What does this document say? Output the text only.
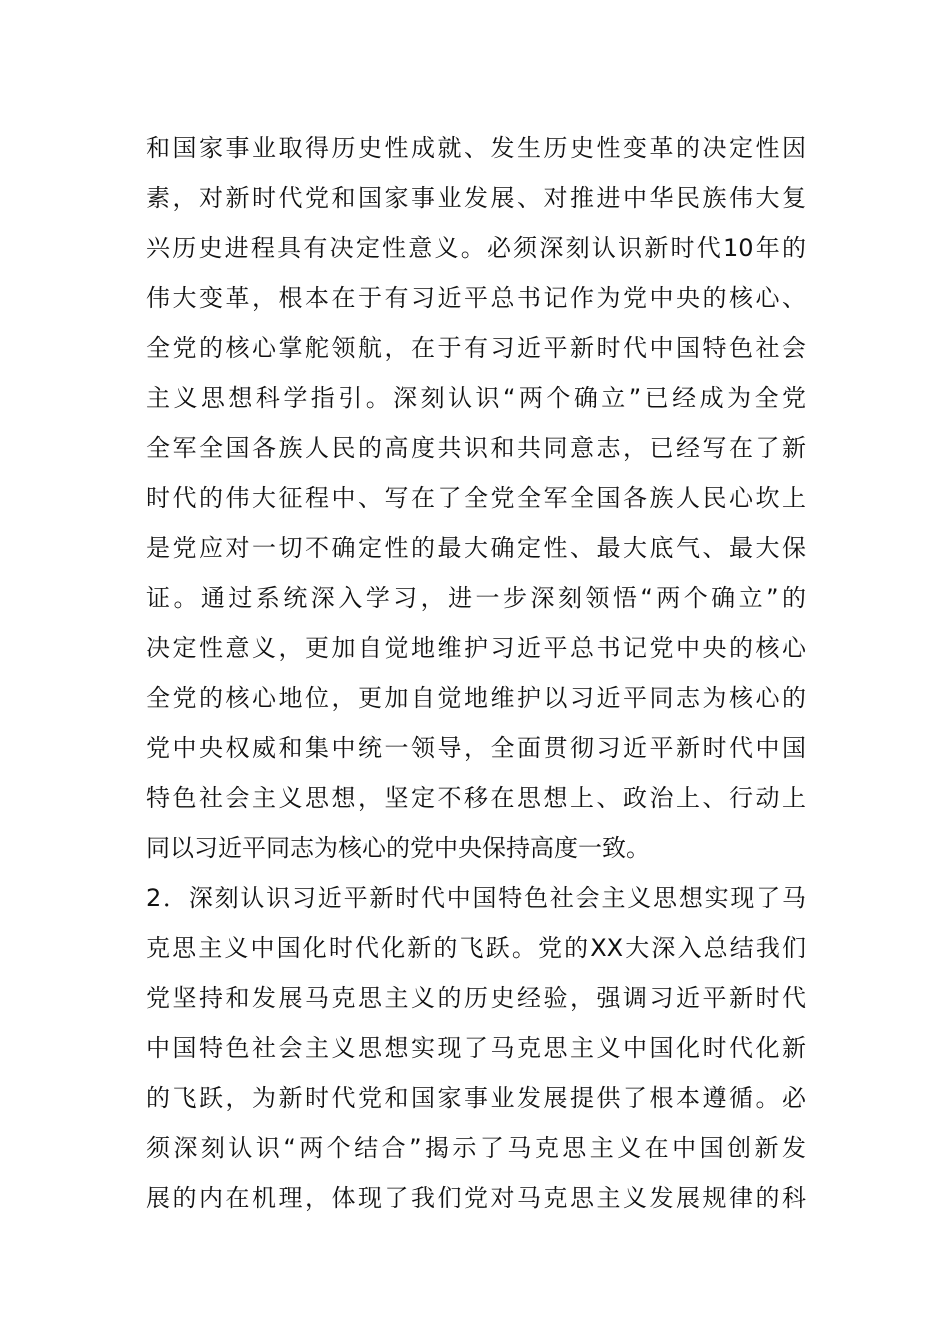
和国家事业取得历史性成就、发生历史性变革的决定性因
素，对新时代党和国家事业发展、对推进中华民族伟大复
兴历史进程具有决定性意义。必须深刻认识新时代10年的
伟大变革，根本在于有习近平总书记作为党中央的核心、
全党的核心掌舵领航，在于有习近平新时代中国特色社会
主义思想科学指引。深刻认识“两个确立”已经成为全党
全军全国各族人民的高度共识和共同意志，已经写在了新
时代的伟大征程中、写在了全党全军全国各族人民心坎上
是党应对一切不确定性的最大确定性、最大底气、最大保
证。通过系统深入学习，进一步深刻领悟“两个确立”的
决定性意义，更加自觉地维护习近平总书记党中央的核心
全党的核心地位，更加自觉地维护以习近平同志为核心的
党中央权威和集中统一领导，全面贯彻习近平新时代中国
特色社会主义思想，坚定不移在思想上、政治上、行动上
同以习近平同志为核心的党中央保持高度一致。
2．深刻认识习近平新时代中国特色社会主义思想实现了马
克思主义中国化时代化新的飞跃。党的XX大深入总结我们
党坚持和发展马克思主义的历史经验，强调习近平新时代
中国特色社会主义思想实现了马克思主义中国化时代化新
的飞跃，为新时代党和国家事业发展提供了根本遵循。必
须深刻认识“两个结合”揭示了马克思主义在中国创新发
展的内在机理，体现了我们党对马克思主义发展规律的科
